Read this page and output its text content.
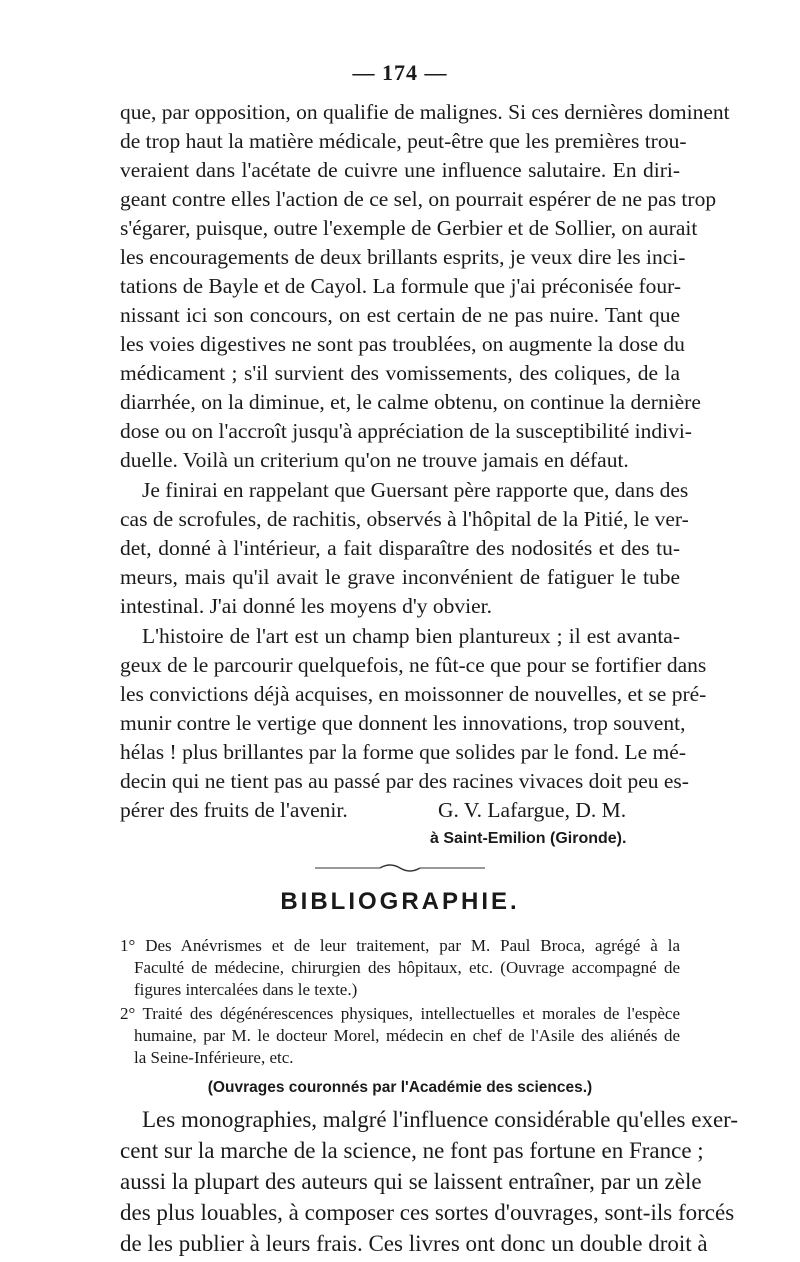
— 174 —
que, par opposition, on qualifie de malignes. Si ces dernières dominent
de trop haut la matière médicale, peut-être que les premières trou-
veraient dans l'acétate de cuivre une influence salutaire. En diri-
geant contre elles l'action de ce sel, on pourrait espérer de ne pas trop
s'égarer, puisque, outre l'exemple de Gerbier et de Sollier, on aurait
les encouragements de deux brillants esprits, je veux dire les inci-
tations de Bayle et de Cayol. La formule que j'ai préconisée four-
nissant ici son concours, on est certain de ne pas nuire. Tant que
les voies digestives ne sont pas troublées, on augmente la dose du
médicament ; s'il survient des vomissements, des coliques, de la
diarrhée, on la diminue, et, le calme obtenu, on continue la dernière
dose ou on l'accroît jusqu'à appréciation de la susceptibilité indivi-
duelle. Voilà un criterium qu'on ne trouve jamais en défaut.
Je finirai en rappelant que Guersant père rapporte que, dans des
cas de scrofules, de rachitis, observés à l'hôpital de la Pitié, le ver-
det, donné à l'intérieur, a fait disparaître des nodosités et des tu-
meurs, mais qu'il avait le grave inconvénient de fatiguer le tube
intestinal. J'ai donné les moyens d'y obvier.
L'histoire de l'art est un champ bien plantureux ; il est avanta-
geux de le parcourir quelquefois, ne fût-ce que pour se fortifier dans
les convictions déjà acquises, en moissonner de nouvelles, et se pré-
munir contre le vertige que donnent les innovations, trop souvent,
hélas ! plus brillantes par la forme que solides par le fond. Le mé-
decin qui ne tient pas au passé par des racines vivaces doit peu es-
pérer des fruits de l'avenir.	G. V. Lafargue, D. M.
à Saint-Emilion (Gironde).
BIBLIOGRAPHIE.
1° Des Anévrismes et de leur traitement, par M. Paul Broca, agrégé à la
Faculté de médecine, chirurgien des hôpitaux, etc. (Ouvrage accompagné de
figures intercalées dans le texte.)
2° Traité des dégénérescences physiques, intellectuelles et morales de l'espèce
humaine, par M. le docteur Morel, médecin en chef de l'Asile des aliénés de
la Seine-Inférieure, etc.
(Ouvrages couronnés par l'Académie des sciences.)
Les monographies, malgré l'influence considérable qu'elles exer-
cent sur la marche de la science, ne font pas fortune en France ;
aussi la plupart des auteurs qui se laissent entraîner, par un zèle
des plus louables, à composer ces sortes d'ouvrages, sont-ils forcés
de les publier à leurs frais. Ces livres ont donc un double droit à
